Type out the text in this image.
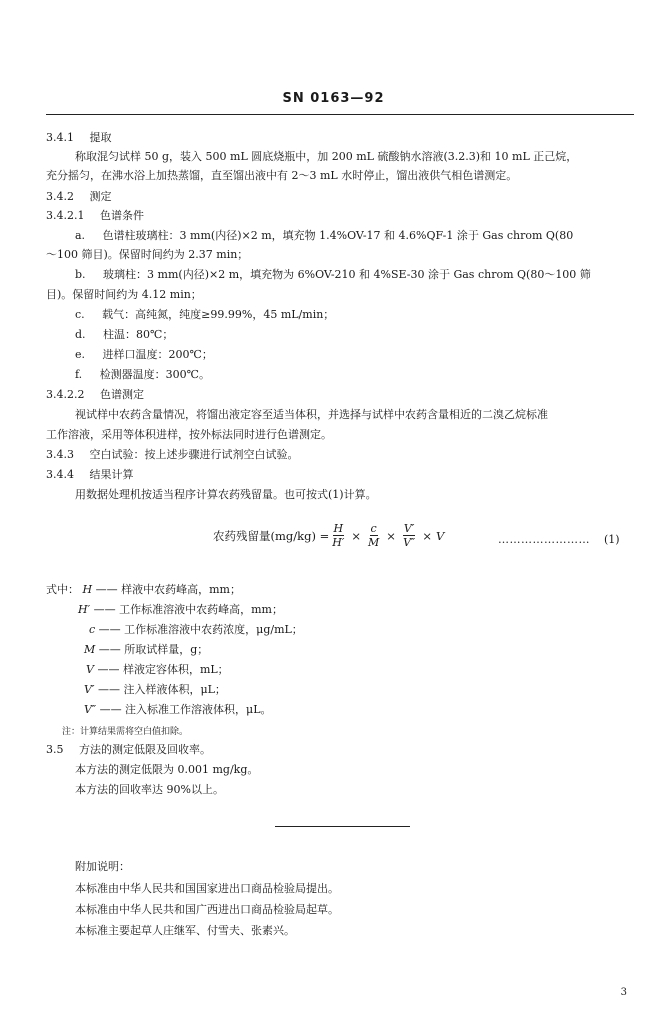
SN 0163—92
3.4.1 提取
称取混匀试样 50 g，装入 500 mL 圆底烧瓶中，加 200 mL 硫酸钠水溶液(3.2.3)和 10 mL 正己烷，
充分摇匀，在沸水浴上加热蒸馏，直至馏出液中有 2～3 mL 水时停止，馏出液供气相色谱测定。
3.4.2 测定
3.4.2.1 色谱条件
a. 色谱柱玻璃柱：3 mm(内径)×2 m，填充物 1.4%OV-17 和 4.6%QF-1 涂于 Gas chrom Q(80
～100 筛目)。保留时间约为 2.37 min；
b. 玻璃柱：3 mm(内径)×2 m，填充物为 6%OV-210 和 4%SE-30 涂于 Gas chrom Q(80～100 筛
目)。保留时间约为 4.12 min；
c. 载气：高纯氮，纯度≥99.99%，45 mL/min；
d. 柱温：80℃；
e. 进样口温度：200℃；
f. 检测器温度：300℃。
3.4.2.2 色谱测定
视试样中农药含量情况，将馏出液定容至适当体积，并选择与试样中农药含量相近的二溴乙烷标准
工作溶液，采用等体积进样，按外标法同时进行色谱测定。
3.4.3 空白试验：按上述步骤进行试剂空白试验。
3.4.4 结果计算
用数据处理机按适当程序计算农药残留量。也可按式(1)计算。
农药残留量$(mg/kg) = \frac{H}{H'} \times \frac{c}{M} \times \frac{V'}{V''} \times V$	…………………… (1)
式中： H —— 样液中农药峰高，mm；
H′ —— 工作标准溶液中农药峰高，mm；
c —— 工作标准溶液中农药浓度，μg/mL；
M —— 所取试样量，g；
V —— 样液定容体积，mL；
V′ —— 注入样液体积，μL；
V″ —— 注入标准工作溶液体积，μL。
注：计算结果需将空白值扣除。
3.5 方法的测定低限及回收率。
本方法的测定低限为 0.001 mg/kg。
本方法的回收率达 90%以上。
附加说明：
本标准由中华人民共和国国家进出口商品检验局提出。
本标准由中华人民共和国广西进出口商品检验局起草。
本标准主要起草人庄继军、付雪夫、张素兴。
3
